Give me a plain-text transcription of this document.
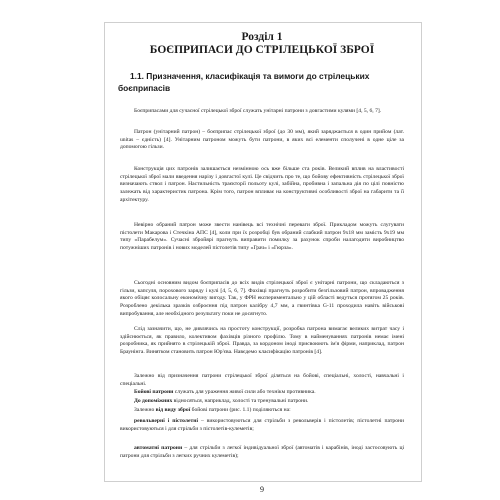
Розділ 1
БОЄПРИПАСИ ДО СТРІЛЕЦЬКОЇ ЗБРОЇ
1.1. Призначення, класифікація та вимоги до стрілецьких боєприпасів
Боєприпасами для сучасної стрілецької зброї служать унітарні патрони з довгастими кулями [4, 5, 6, 7].
Патрон (унітарний патрон) – боєприпас стрілецької зброї (до 30 мм), який заряджається в один прийом (лат. unitas – єдність) [4]. Унітарним патроном можуть бути патрони, в яких всі елементи сполучені в одне ціле за допомогою гільзи.
Конструкція цих патронів залишається незмінною ось вже більше ста років. Великий вплив на властивості стрілецької зброї мали введення нарізу і довгастої кулі. Це свідчить про те, що бойову ефективність стрілецької зброї визначають ствол і патрон. Настильність траєкторії польоту кулі, забійна, пробивна і запальна дія по цілі повністю залежать від характеристик патрона. Крім того, патрон впливає на конструктивні особливості зброї на габарити та її архітектуру.
Невірно обраний патрон може звести нанівець всі технічні переваги зброї. Прикладом можуть слугувати пістолети Макарова і Стечкіна АПС [4], коли при їх розробці був обраний слабкий патрон 9х18 мм замість 9х19 мм типу «Парабелум». Сучасні збройярі прагнуть виправити помилку за рахунок спроби налагодити виробництво потужніших патронів і нових моделей пістолетів типу «Грач» і «Гюрза».
Сьогодні основним видом боєприпасів до всіх видів стрілецької зброї є унітарні патрони, що складаються з гільзи, капсуля, порохового заряду і кулі [4, 5, 6, 7]. Фахівці прагнуть розробити безгільзовий патрон, впровадження якого обіцяє колосальну економічну вигоду. Так, у ФРН експериментально у цій області ведуться протягом 25 років. Розроблено декілька зразків озброєння під патрон калібру 4,7 мм, а гвинтівка G-11 проходила навіть військові випробування, але необхідного результату поки не досягнуто.
Слід зазначити, що, не дивлячись на простоту конструкції, розробка патрона вимагає великих витрат часу і здійснюється, як правило, колективом фахівців різного профілю. Тому в найменуваннях патронів немає імені розробника, як прийнято в стрілецькій зброї. Правда, за кордоном іноді присвоюють ім'я фірми, наприклад, патрон Браунінга. Винятком становить патрон Юр'єва. Навєдемо класифікацію патронів [4].
Залежно від призначення патрони стрілецької зброї діляться на бойові, спеціальні, холості, навчальні і спеціальні.
Бойові патрони служать для ураження живої сили або технікм противника.
До допоміжних відносяться, наприклад, холості та тренувальні патрони.
Залежно від виду зброї бойові патрони (рис. 1.1) поділяються на:
револьверні і пістолетні – використовуються для стрільби з револьверів і пістолетів; пістолетні патрони використовуються і для стрільби з пістолетів-кулеметів;
автоматні патрони – для стрільби з легкої індивідуальної зброї (автоматів і карабінів, іноді застосовують ці патрони для стрільби з легких ручних кулеметів);
9
